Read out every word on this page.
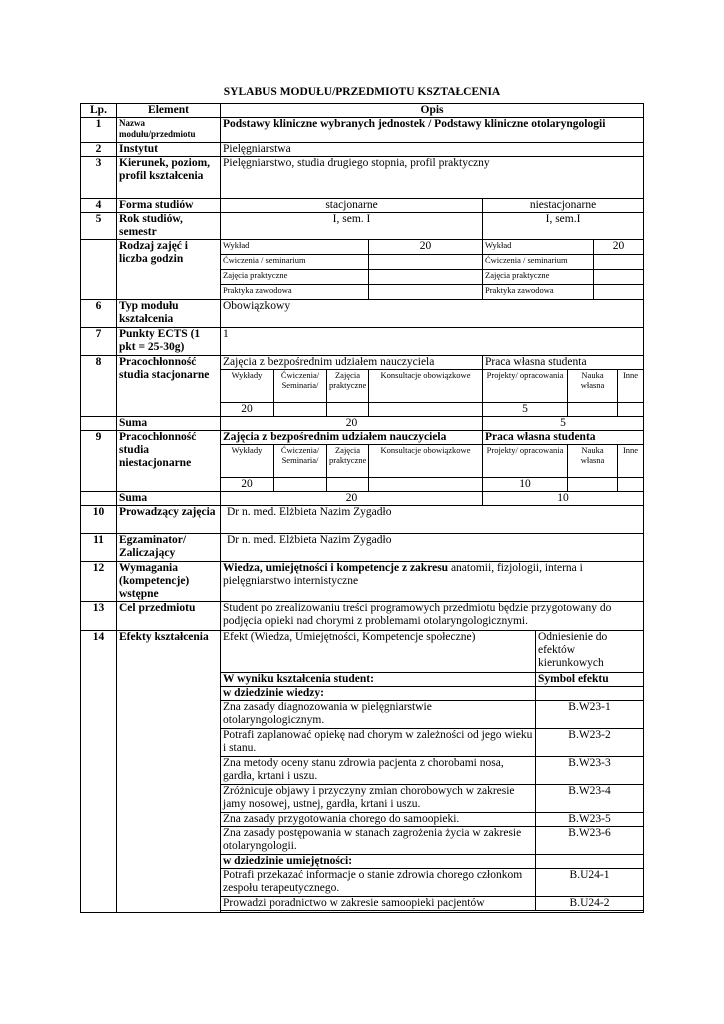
SYLABUS MODUŁU/PRZEDMIOTU KSZTAŁCENIA
Lp.	Element	Opis								
1	Nazwa modułu/przedmiotu	Podstawy kliniczne wybranych jednostek / Podstawy kliniczne otolaryngologii								
2	Instytut	Pielęgniarstwa								
3	Kierunek, poziom, profil kształcenia	Pielęgniarstwo, studia drugiego stopnia, profil praktyczny								
4	Forma studiów	stacjonarne				niestacjonarne				
5	Rok studiów, semestr	I, sem. I				I, sem.I				
	Rodzaj zajęć i liczba godzin	Wykład			20	Wykład			20	
		Ćwiczenia / seminarium				Ćwiczenia / seminarium				
		Zajęcia praktyczne				Zajęcia praktyczne				
		Praktyka zawodowa				Praktyka zawodowa				
6	Typ modułu kształcenia	Obowiązkowy								
7	Punkty ECTS (1 pkt = 25-30g)	1								
8	Pracochłonność studia stacjonarne	Zajęcia z bezpośrednim udziałem nauczyciela				Praca własna studenta				
		Wykłady	Ćwiczenia/ Seminaria/	Zajęcia praktyczne	Konsultacje obowiązkowe	Projekty/ opracowania		Nauka własna		Inne
		20				5				
	Suma	20				5				
9	Pracochłonność studia niestacjonarne	Zajęcia z bezpośrednim udziałem nauczyciela				Praca własna studenta				
		Wykłady	Ćwiczenia/ Seminaria/	Zajęcia praktyczne	Konsultacje obowiązkowe	Projekty/ opracowania		Nauka własna		Inne
		20				10				
	Suma	20				10				
10	Prowadzący zajęcia	Dr n. med. Elżbieta Nazim Zygadło								
11	Egzaminator/ Zaliczający	Dr n. med. Elżbieta Nazim Zygadło								
12	Wymagania (kompetencje) wstępne	Wiedza, umiejętności i kompetencje z zakresu anatomii, fizjologii, interna i pielęgniarstwo internistyczne								
13	Cel przedmiotu	Student po zrealizowaniu treści programowych przedmiotu będzie przygotowany do podjęcia opieki nad chorymi z problemami otolaryngologicznymi.								
14	Efekty kształcenia	Efekt (Wiedza, Umiejętności, Kompetencje społeczne)					Odniesienie do efektów kierunkowych			
		W wyniku kształcenia student:					Symbol efektu			
		w dziedzinie wiedzy:								
		Zna zasady diagnozowania w pielęgniarstwie otolaryngologicznym.					B.W23-1			
		Potrafi zaplanować opiekę nad chorym w zależności od jego wieku i stanu.					B.W23-2			
		Zna metody oceny stanu zdrowia pacjenta z chorobami nosa, gardła, krtani i uszu.					B.W23-3			
		Zróżnicuje objawy i przyczyny zmian chorobowych w zakresie jamy nosowej, ustnej, gardła, krtani i uszu.					B.W23-4			
		Zna zasady przygotowania chorego do samoopieki.					B.W23-5			
		Zna zasady postępowania w stanach zagrożenia życia w zakresie otolaryngologii.					B.W23-6			
		w dziedzinie umiejętności:								
		Potrafi przekazać informacje o stanie zdrowia chorego członkom zespołu terapeutycznego.					B.U24-1			
		Prowadzi poradnictwo w zakresie samoopieki pacjentów					B.U24-2			
